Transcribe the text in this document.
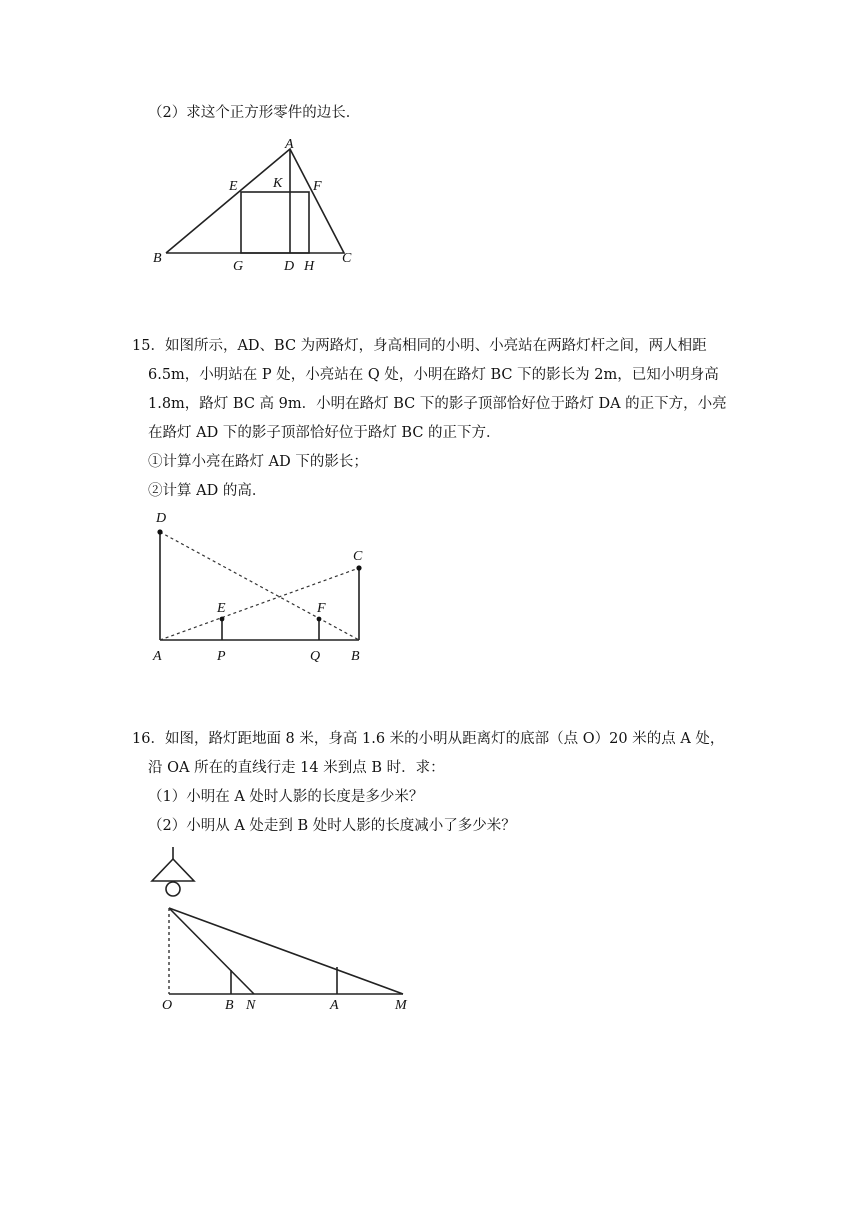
（2）求这个正方形零件的边长．
A
E	K F
B
G	D H
C
15．如图所示，AD、BC 为两路灯，身高相同的小明、小亮站在两路灯杆之间，两人相距
6.5m，小明站在 P 处，小亮站在 Q 处，小明在路灯 BC 下的影长为 2m，已知小明身高
1.8m，路灯 BC 高 9m．小明在路灯 BC 下的影子顶部恰好位于路灯 DA 的正下方，小亮
在路灯 AD 下的影子顶部恰好位于路灯 BC 的正下方．
①计算小亮在路灯 AD 下的影长；
②计算 AD 的高．
D
C
E	F
A	P	Q B
16．如图，路灯距地面 8 米，身高 1.6 米的小明从距离灯的底部（点 O）20 米的点 A 处，
沿 OA 所在的直线行走 14 米到点 B 时．求：
（1）小明在 A 处时人影的长度是多少米？
（2）小明从 A 处走到 B 处时人影的长度减小了多少米？
O	B N	A	M
